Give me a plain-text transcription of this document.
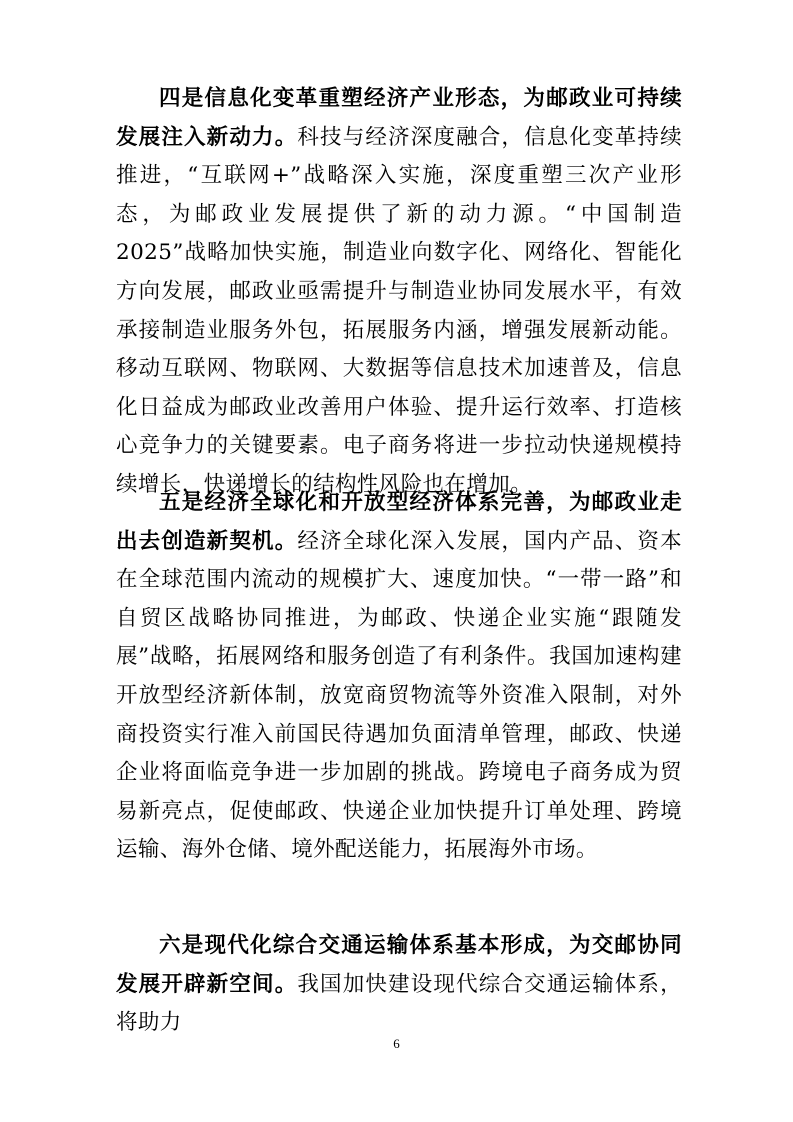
四是信息化变革重塑经济产业形态，为邮政业可持续发展注入新动力。科技与经济深度融合，信息化变革持续推进，“互联网+”战略深入实施，深度重塑三次产业形态，为邮政业发展提供了新的动力源。“中国制造 2025”战略加快实施，制造业向数字化、网络化、智能化方向发展，邮政业亟需提升与制造业协同发展水平，有效承接制造业服务外包，拓展服务内涵，增强发展新动能。移动互联网、物联网、大数据等信息技术加速普及，信息化日益成为邮政业改善用户体验、提升运行效率、打造核心竞争力的关键要素。电子商务将进一步拉动快递规模持续增长，快递增长的结构性风险也在增加。

五是经济全球化和开放型经济体系完善，为邮政业走出去创造新契机。经济全球化深入发展，国内产品、资本在全球范围内流动的规模扩大、速度加快。“一带一路”和自贸区战略协同推进，为邮政、快递企业实施“跟随发展”战略，拓展网络和服务创造了有利条件。我国加速构建开放型经济新体制，放宽商贸物流等外资准入限制，对外商投资实行准入前国民待遇加负面清单管理，邮政、快递企业将面临竞争进一步加剧的挑战。跨境电子商务成为贸易新亮点，促使邮政、快递企业加快提升订单处理、跨境运输、海外仓储、境外配送能力，拓展海外市场。

六是现代化综合交通运输体系基本形成，为交邮协同发展开辟新空间。我国加快建设现代综合交通运输体系，将助力

6
